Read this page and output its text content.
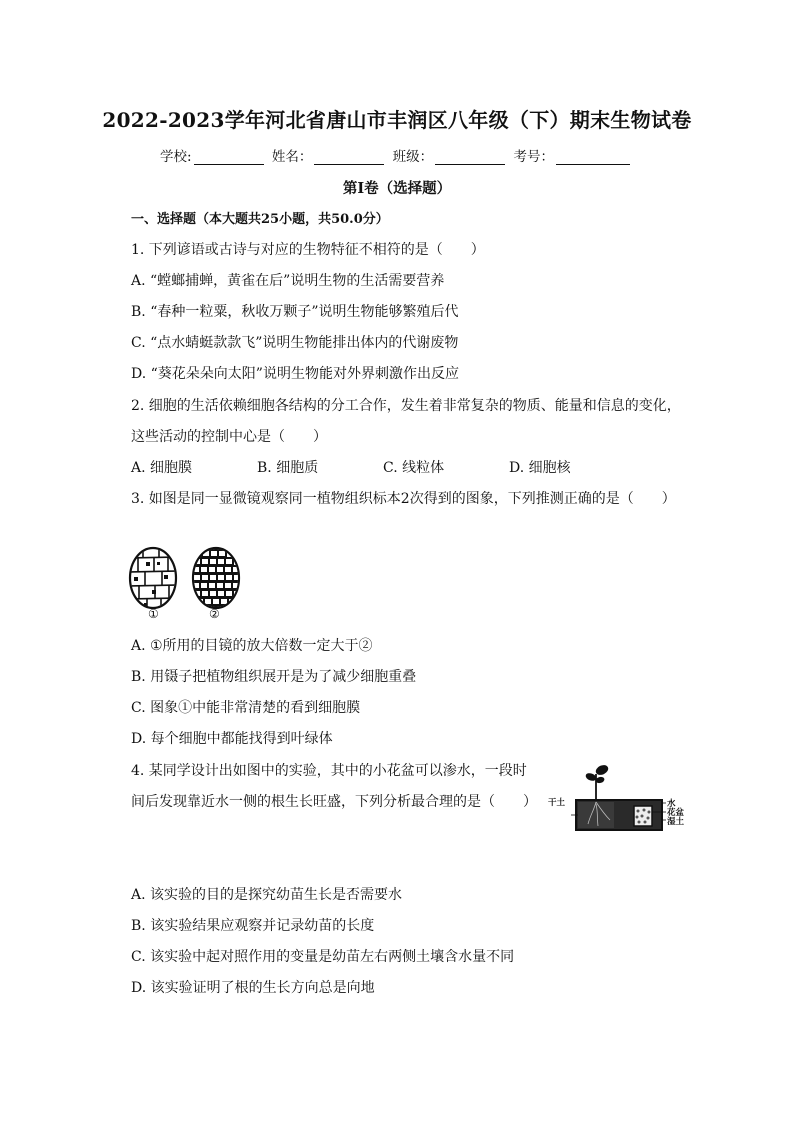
2022-2023学年河北省唐山市丰润区八年级（下）期末生物试卷
学校:	姓名：	班级：	考号：
第I卷（选择题）
一、选择题（本大题共25小题，共50.0分）
1. 下列谚语或古诗与对应的生物特征不相符的是（　　）
A. “螳螂捕蝉，黄雀在后”说明生物的生活需要营养
B. “春种一粒粟，秋收万颗子”说明生物能够繁殖后代
C. “点水蜻蜓款款飞”说明生物能排出体内的代谢废物
D. “葵花朵朵向太阳”说明生物能对外界刺激作出反应
2. 细胞的生活依赖细胞各结构的分工合作，发生着非常复杂的物质、能量和信息的变化，
这些活动的控制中心是（　　）
A. 细胞膜	B. 细胞质	C. 线粒体	D. 细胞核
3. 如图是同一显微镜观察同一植物组织标本2次得到的图象，下列推测正确的是（　　）
①	②
A. ①所用的目镜的放大倍数一定大于②
B. 用镊子把植物组织展开是为了减少细胞重叠
C. 图象①中能非常清楚的看到细胞膜
D. 每个细胞中都能找得到叶绿体
4. 某同学设计出如图中的实验，其中的小花盆可以渗水，一段时
间后发现靠近水一侧的根生长旺盛，下列分析最合理的是（　　） 干土	水
花盆
湿土
A. 该实验的目的是探究幼苗生长是否需要水
B. 该实验结果应观察并记录幼苗的长度
C. 该实验中起对照作用的变量是幼苗左右两侧土壤含水量不同
D. 该实验证明了根的生长方向总是向地
